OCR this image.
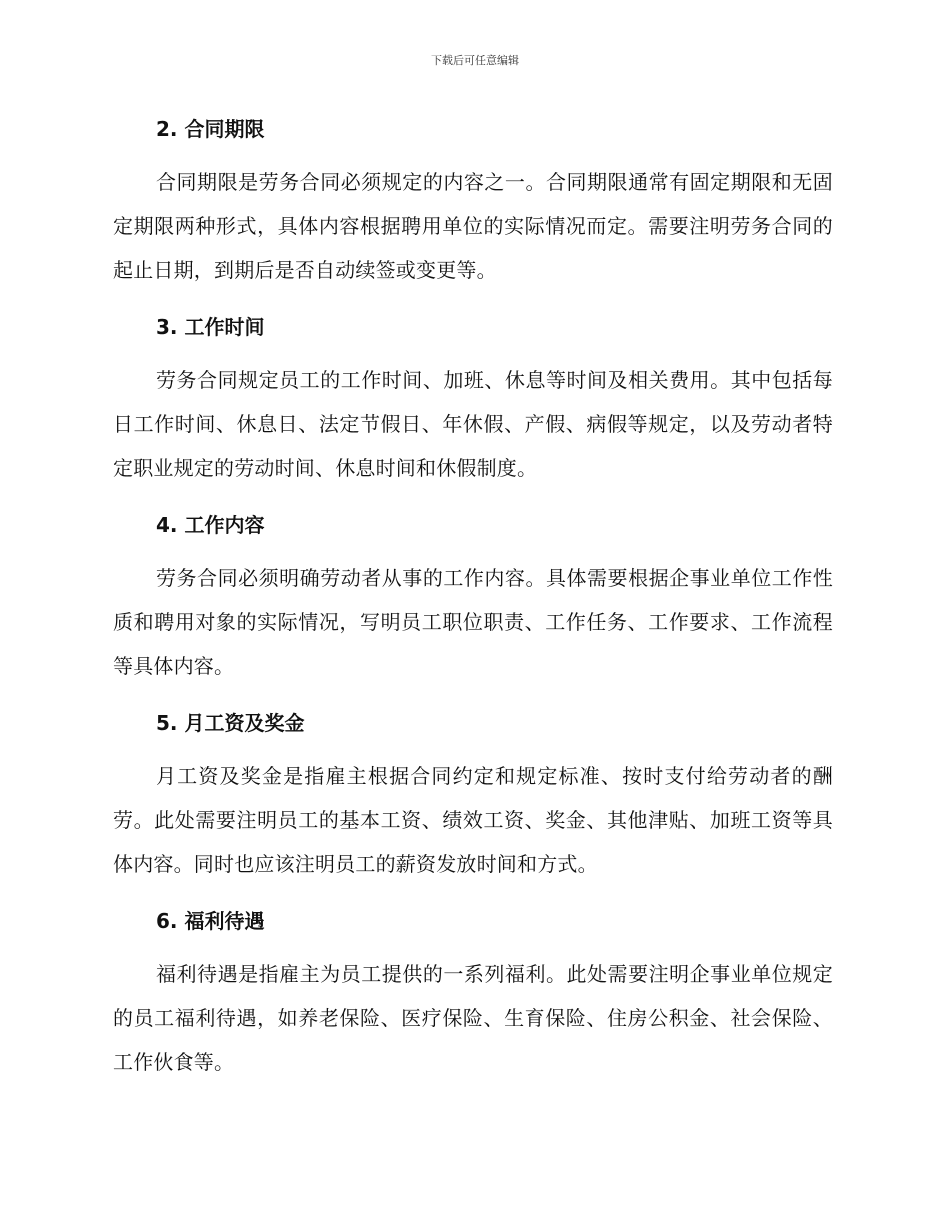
下载后可任意编辑
2. 合同期限

合同期限是劳务合同必须规定的内容之一。合同期限通常有固定期限和无固定期限两种形式，具体内容根据聘用单位的实际情况而定。需要注明劳务合同的起止日期，到期后是否自动续签或变更等。

3. 工作时间

劳务合同规定员工的工作时间、加班、休息等时间及相关费用。其中包括每日工作时间、休息日、法定节假日、年休假、产假、病假等规定，以及劳动者特定职业规定的劳动时间、休息时间和休假制度。

4. 工作内容

劳务合同必须明确劳动者从事的工作内容。具体需要根据企事业单位工作性质和聘用对象的实际情况，写明员工职位职责、工作任务、工作要求、工作流程等具体内容。

5. 月工资及奖金

月工资及奖金是指雇主根据合同约定和规定标准、按时支付给劳动者的酬劳。此处需要注明员工的基本工资、绩效工资、奖金、其他津贴、加班工资等具体内容。同时也应该注明员工的薪资发放时间和方式。

6. 福利待遇

福利待遇是指雇主为员工提供的一系列福利。此处需要注明企事业单位规定的员工福利待遇，如养老保险、医疗保险、生育保险、住房公积金、社会保险、工作伙食等。
